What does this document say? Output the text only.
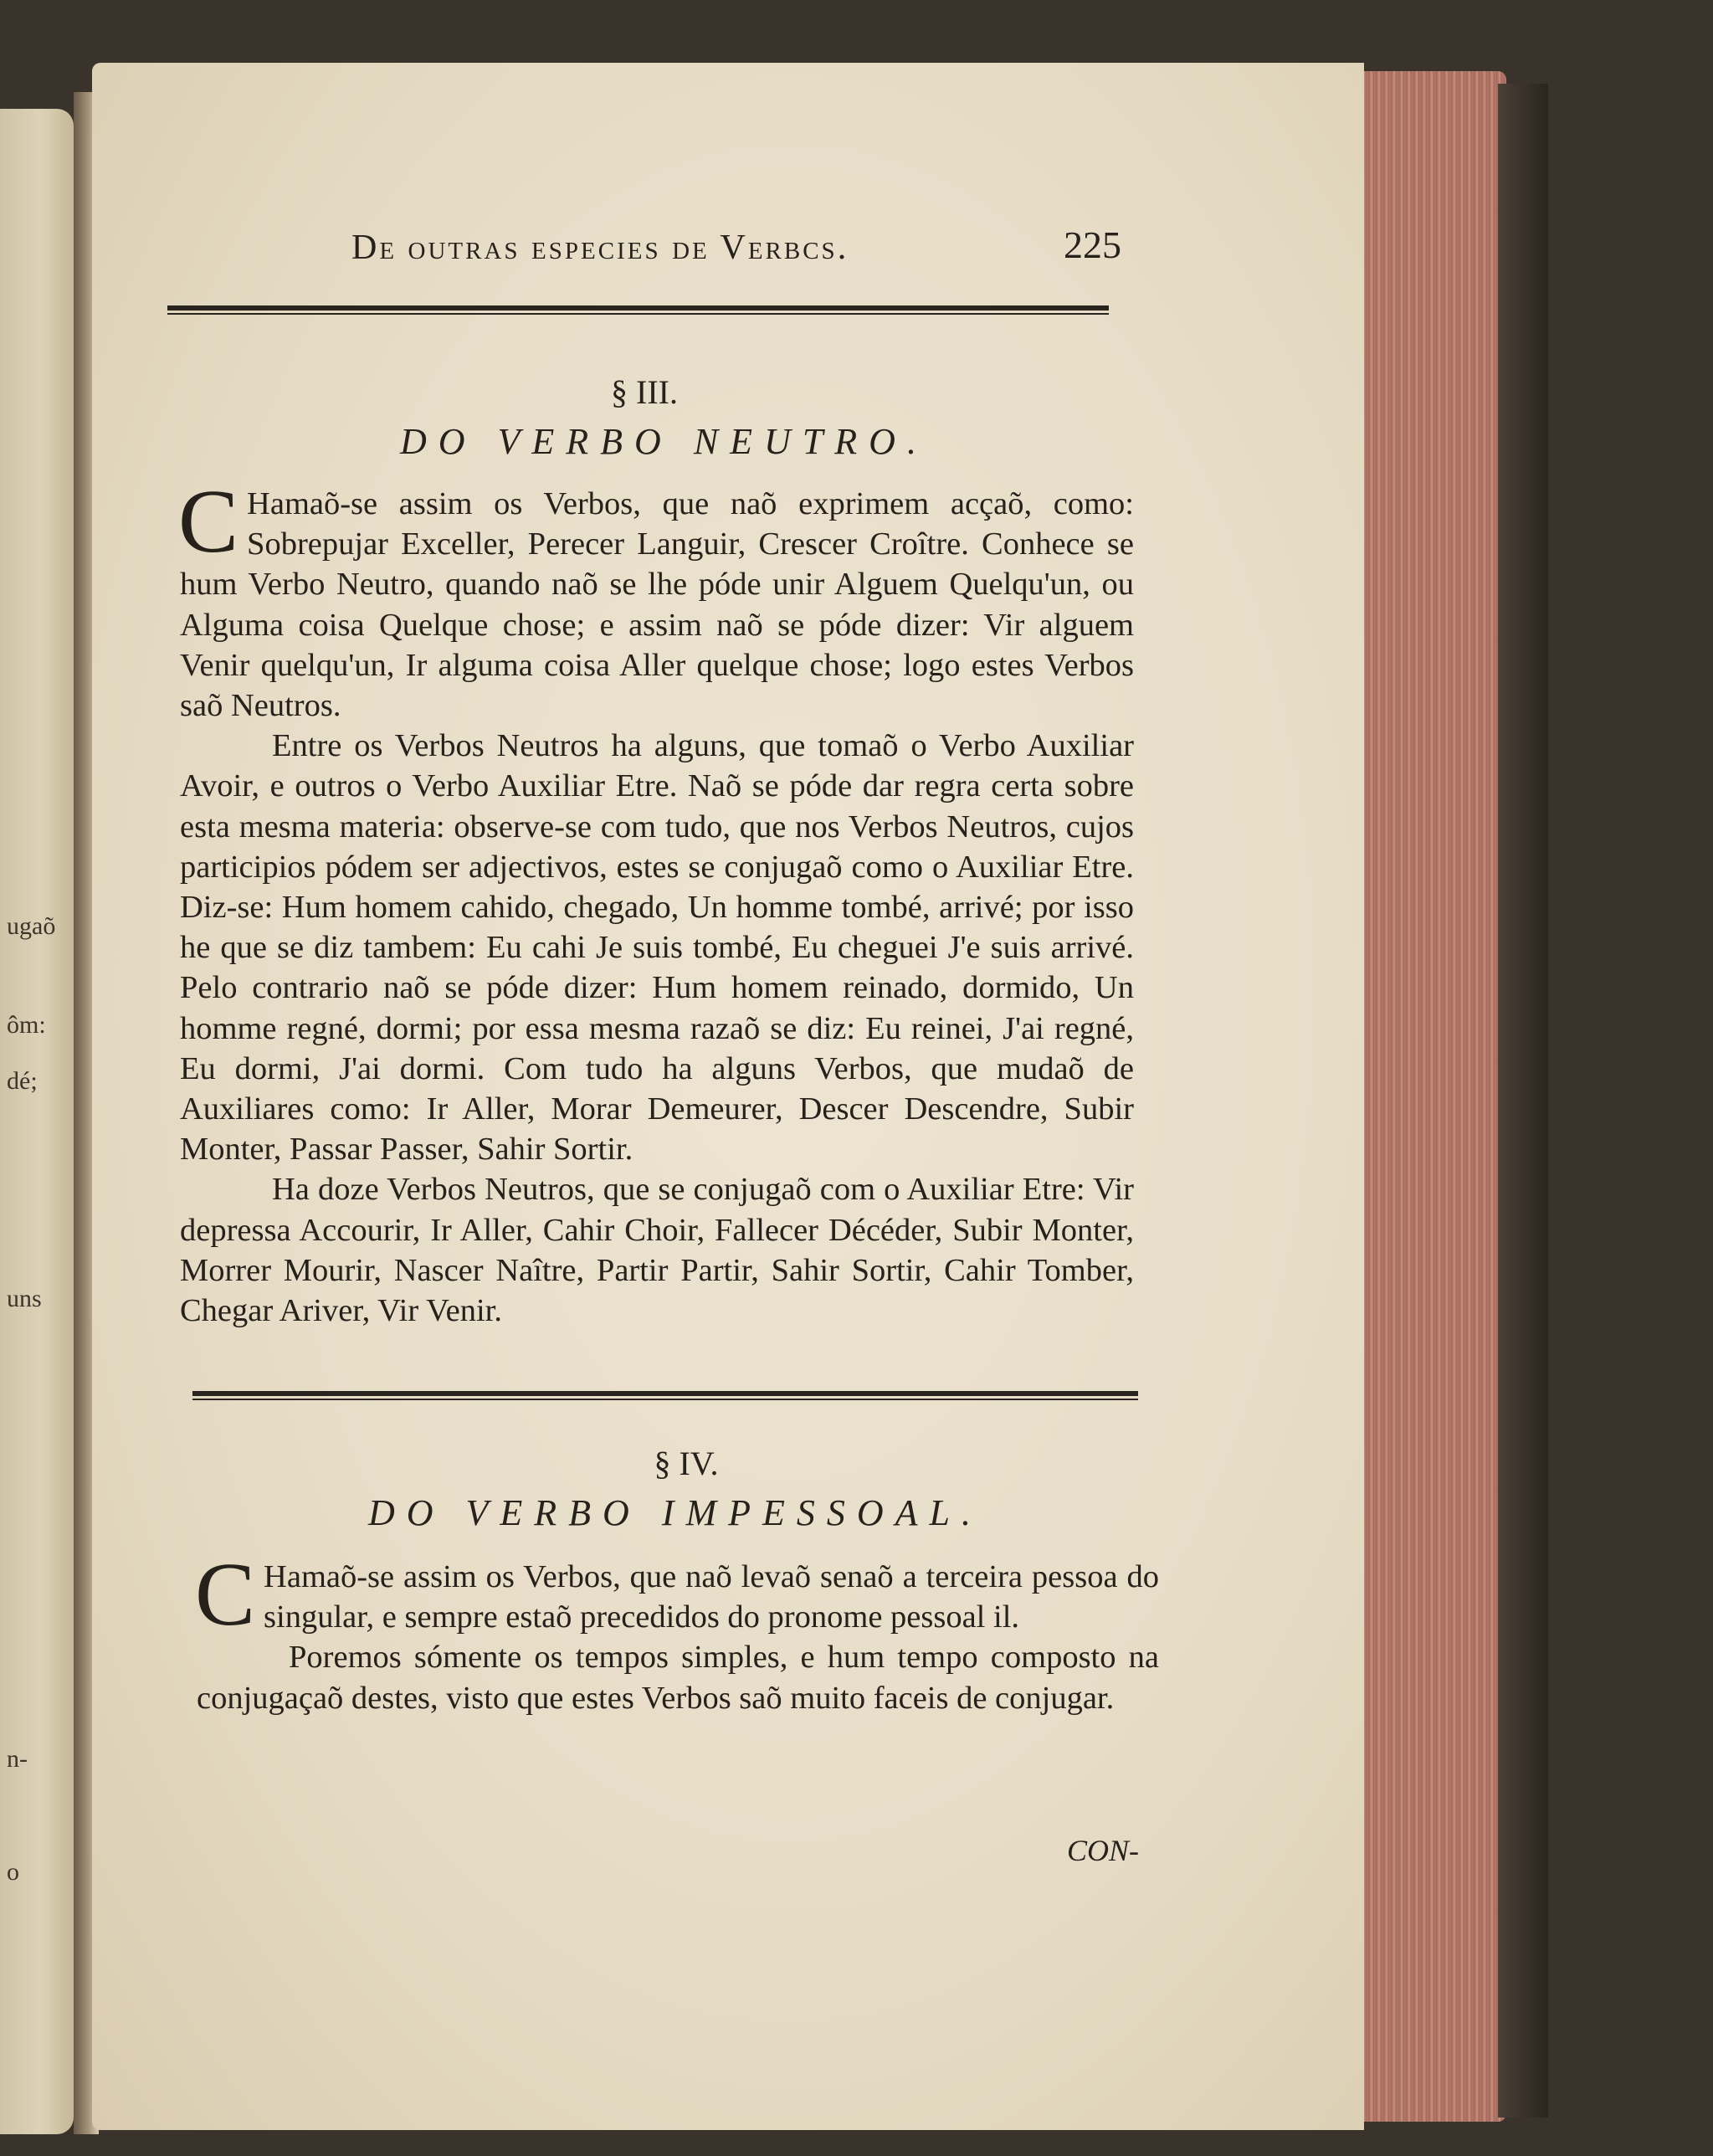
ugaõ
ôm:
dé;
uns
n-
o
De outras especies de Verbcs.	225
§ III.
DO VERBO NEUTRO.

C Hamaõ-se assim os Verbos, que naõ exprimem acçaõ, como: Sobrepujar Exceller, Perecer Languir, Crescer Croître. Conhece se hum Verbo Neutro, quando naõ se lhe póde unir Alguem Quelqu'un, ou Alguma coisa Quelque chose; e assim naõ se póde dizer: Vir alguem Venir quelqu'un, Ir alguma coisa Aller quelque chose; logo estes Verbos saõ Neutros.

Entre os Verbos Neutros ha alguns, que tomaõ o Verbo Auxiliar Avoir, e outros o Verbo Auxiliar Etre. Naõ se póde dar regra certa sobre esta mesma materia: observe-se com tudo, que nos Verbos Neutros, cujos participios pódem ser adjectivos, estes se conjugaõ como o Auxiliar Etre. Diz-se: Hum homem cahido, chegado, Un homme tombé, arrivé; por isso he que se diz tambem: Eu cahi Je suis tombé, Eu cheguei J'e suis arrivé. Pelo contrario naõ se póde dizer: Hum homem reinado, dormido, Un homme regné, dormi; por essa mesma razaõ se diz: Eu reinei, J'ai regné, Eu dormi, J'ai dormi. Com tudo ha alguns Verbos, que mudaõ de Auxiliares como: Ir Aller, Morar Demeurer, Descer Descendre, Subir Monter, Passar Passer, Sahir Sortir.

Ha doze Verbos Neutros, que se conjugaõ com o Auxiliar Etre: Vir depressa Accourir, Ir Aller, Cahir Choir, Fallecer Décéder, Subir Monter, Morrer Mourir, Nascer Naître, Partir Partir, Sahir Sortir, Cahir Tomber, Chegar Ariver, Vir Venir.

§ IV.
DO VERBO IMPESSOAL.

C Hamaõ-se assim os Verbos, que naõ levaõ senaõ a terceira pessoa do singular, e sempre estaõ precedidos do pronome pessoal il.

Poremos sómente os tempos simples, e hum tempo composto na conjugaçaõ destes, visto que estes Verbos saõ muito faceis de conjugar.

CON-
